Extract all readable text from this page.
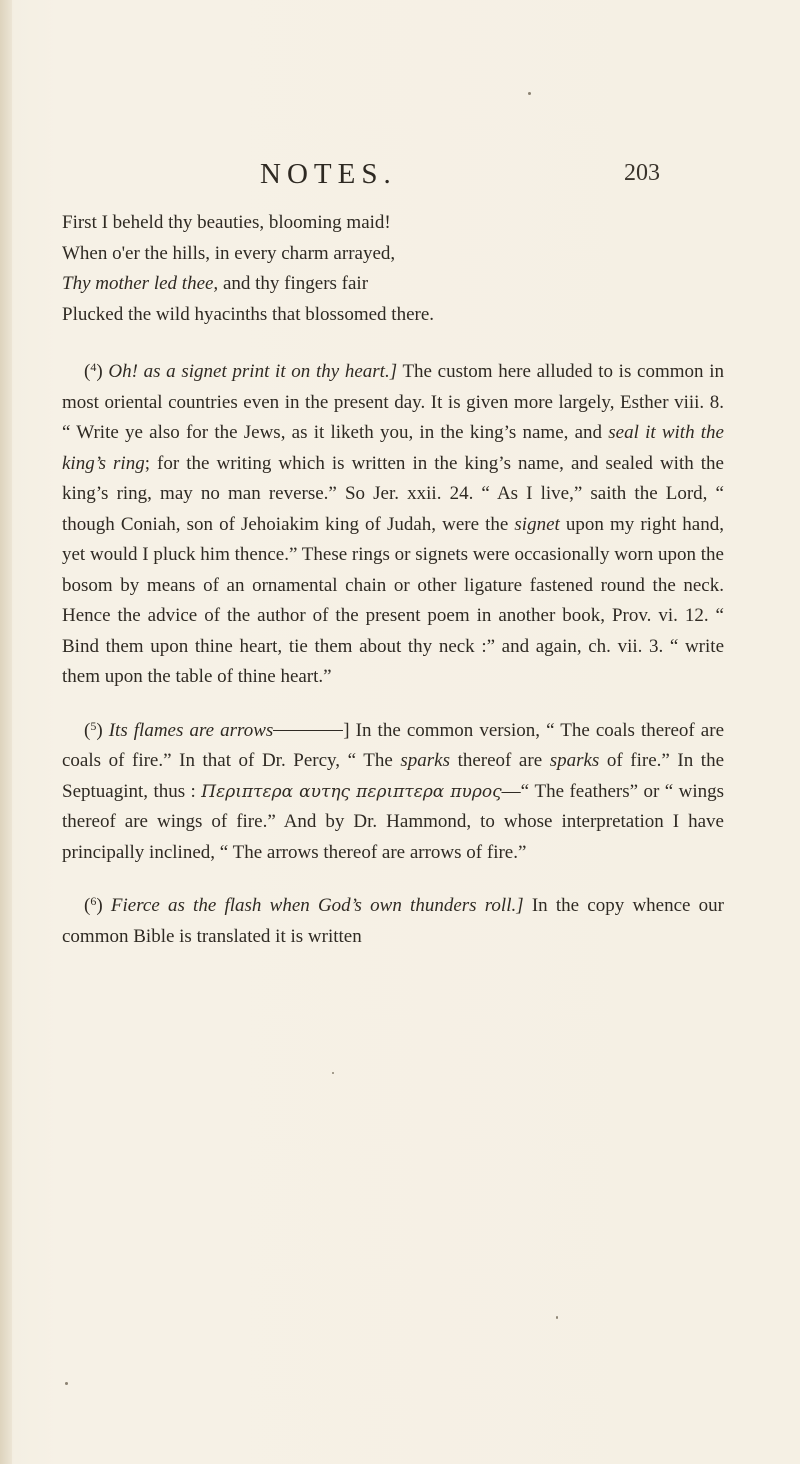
NOTES.	203
First I beheld thy beauties, blooming maid!
When o'er the hills, in every charm arrayed,
Thy mother led thee, and thy fingers fair
Plucked the wild hyacinths that blossomed there.

($^4$) Oh! as a signet print it on thy heart.] The custom here alluded to is common in most oriental countries even in the present day. It is given more largely, Esther viii. 8. “ Write ye also for the Jews, as it liketh you, in the king’s name, and seal it with the king’s ring; for the writing which is written in the king’s name, and sealed with the king’s ring, may no man reverse.” So Jer. xxii. 24. “ As I live,” saith the Lord, “ though Coniah, son of Jehoiakim king of Judah, were the signet upon my right hand, yet would I pluck him thence.” These rings or signets were occasionally worn upon the bosom by means of an ornamental chain or other ligature fastened round the neck. Hence the advice of the author of the present poem in another book, Prov. vi. 12. “ Bind them upon thine heart, tie them about thy neck :” and again, ch. vii. 3. “ write them upon the table of thine heart.”

($^5$) Its flames are arrows	] In the common version, “ The coals thereof are coals of fire.” In that of Dr. Percy, “ The sparks thereof are sparks of fire.” In the Septuagint, thus : Περιπτερα αυτης περιπτερα πυρος—“ The feathers” or “ wings thereof are wings of fire.” And by Dr. Hammond, to whose interpretation I have principally inclined, “ The arrows thereof are arrows of fire.”

($^6$) Fierce as the flash when God’s own thunders roll.] In the copy whence our common Bible is translated it is written
